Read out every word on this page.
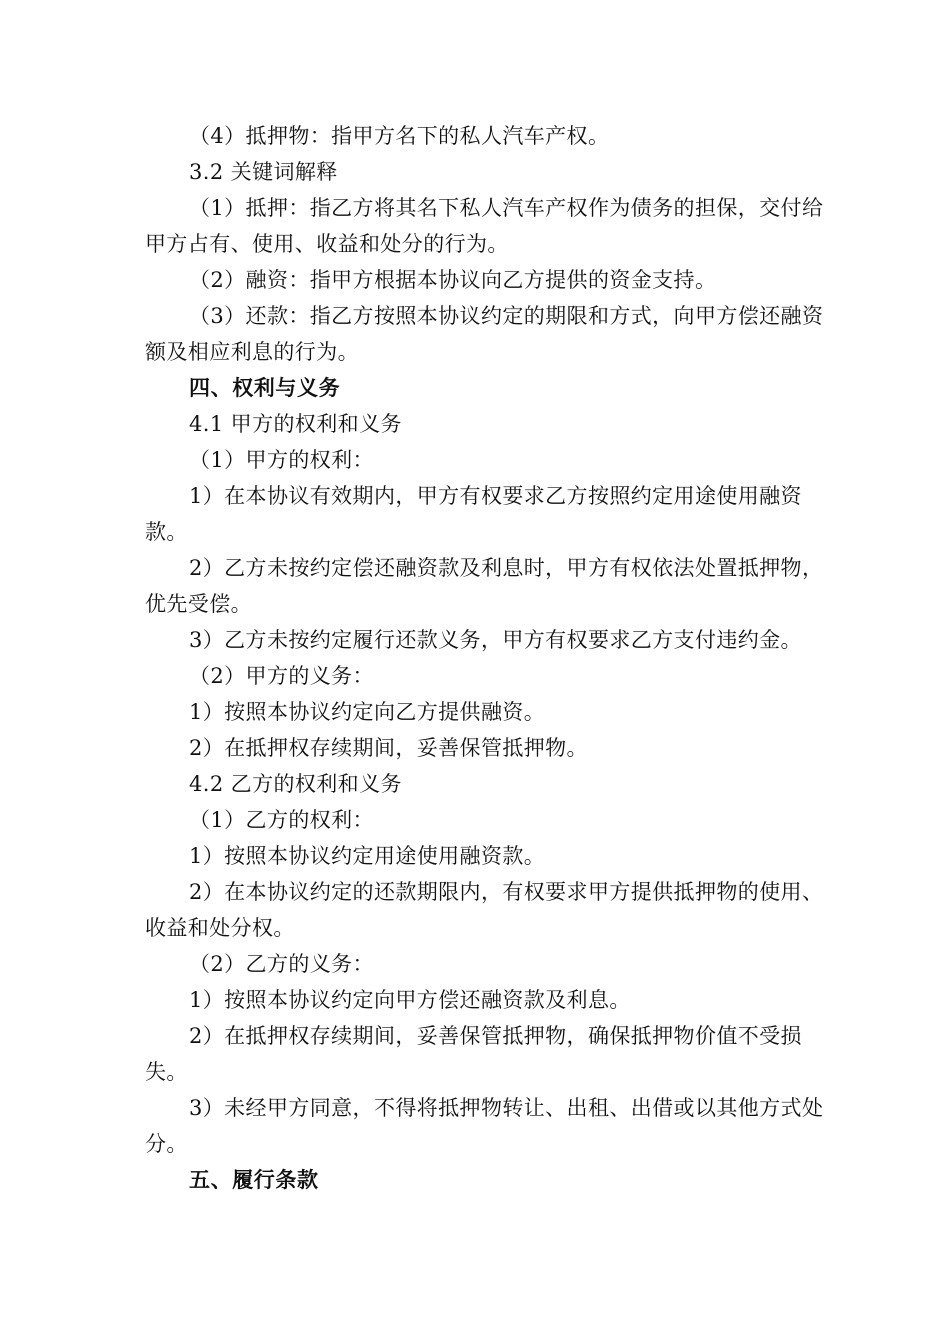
（4）抵押物：指甲方名下的私人汽车产权。

3.2 关键词解释

（1）抵押：指乙方将其名下私人汽车产权作为债务的担保，交付给甲方占有、使用、收益和处分的行为。

（2）融资：指甲方根据本协议向乙方提供的资金支持。

（3）还款：指乙方按照本协议约定的期限和方式，向甲方偿还融资额及相应利息的行为。

四、权利与义务

4.1 甲方的权利和义务

（1）甲方的权利：

1）在本协议有效期内，甲方有权要求乙方按照约定用途使用融资款。

2）乙方未按约定偿还融资款及利息时，甲方有权依法处置抵押物，优先受偿。

3）乙方未按约定履行还款义务，甲方有权要求乙方支付违约金。

（2）甲方的义务：

1）按照本协议约定向乙方提供融资。

2）在抵押权存续期间，妥善保管抵押物。

4.2 乙方的权利和义务

（1）乙方的权利：

1）按照本协议约定用途使用融资款。

2）在本协议约定的还款期限内，有权要求甲方提供抵押物的使用、收益和处分权。

（2）乙方的义务：

1）按照本协议约定向甲方偿还融资款及利息。

2）在抵押权存续期间，妥善保管抵押物，确保抵押物价值不受损失。

3）未经甲方同意，不得将抵押物转让、出租、出借或以其他方式处分。

五、履行条款
